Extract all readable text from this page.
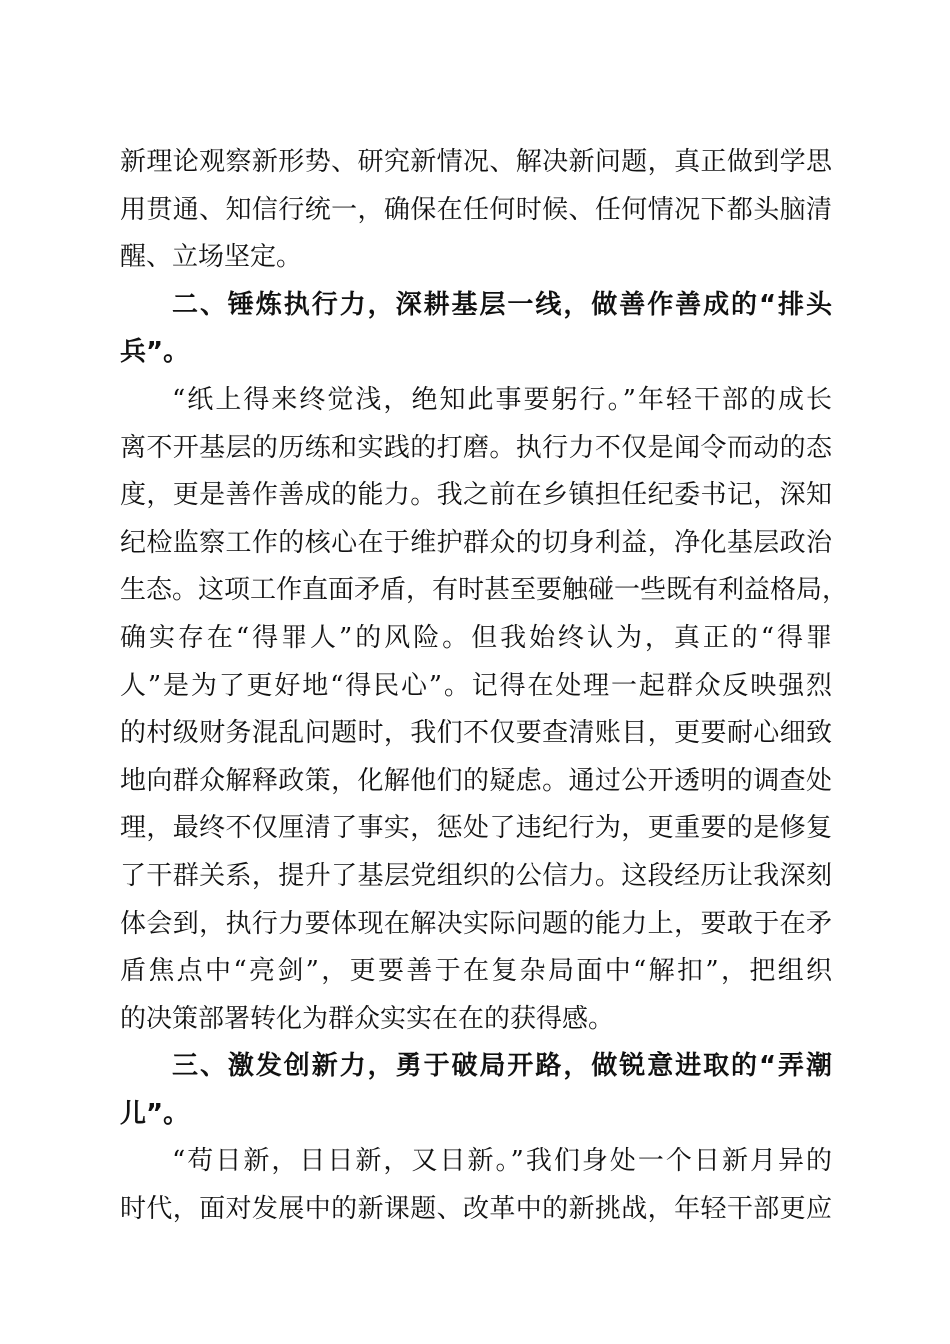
新理论观察新形势、研究新情况、解决新问题，真正做到学思
用贯通、知信行统一，确保在任何时候、任何情况下都头脑清
醒、立场坚定。
二、锤炼执行力，深耕基层一线，做善作善成的“排头
兵”。
“纸上得来终觉浅，绝知此事要躬行。”年轻干部的成长
离不开基层的历练和实践的打磨。执行力不仅是闻令而动的态
度，更是善作善成的能力。我之前在乡镇担任纪委书记，深知
纪检监察工作的核心在于维护群众的切身利益，净化基层政治
生态。这项工作直面矛盾，有时甚至要触碰一些既有利益格局，
确实存在“得罪人”的风险。但我始终认为，真正的“得罪
人”是为了更好地“得民心”。记得在处理一起群众反映强烈
的村级财务混乱问题时，我们不仅要查清账目，更要耐心细致
地向群众解释政策，化解他们的疑虑。通过公开透明的调查处
理，最终不仅厘清了事实，惩处了违纪行为，更重要的是修复
了干群关系，提升了基层党组织的公信力。这段经历让我深刻
体会到，执行力要体现在解决实际问题的能力上，要敢于在矛
盾焦点中“亮剑”，更要善于在复杂局面中“解扣”，把组织
的决策部署转化为群众实实在在的获得感。
三、激发创新力，勇于破局开路，做锐意进取的“弄潮
儿”。
“苟日新，日日新，又日新。”我们身处一个日新月异的
时代，面对发展中的新课题、改革中的新挑战，年轻干部更应
